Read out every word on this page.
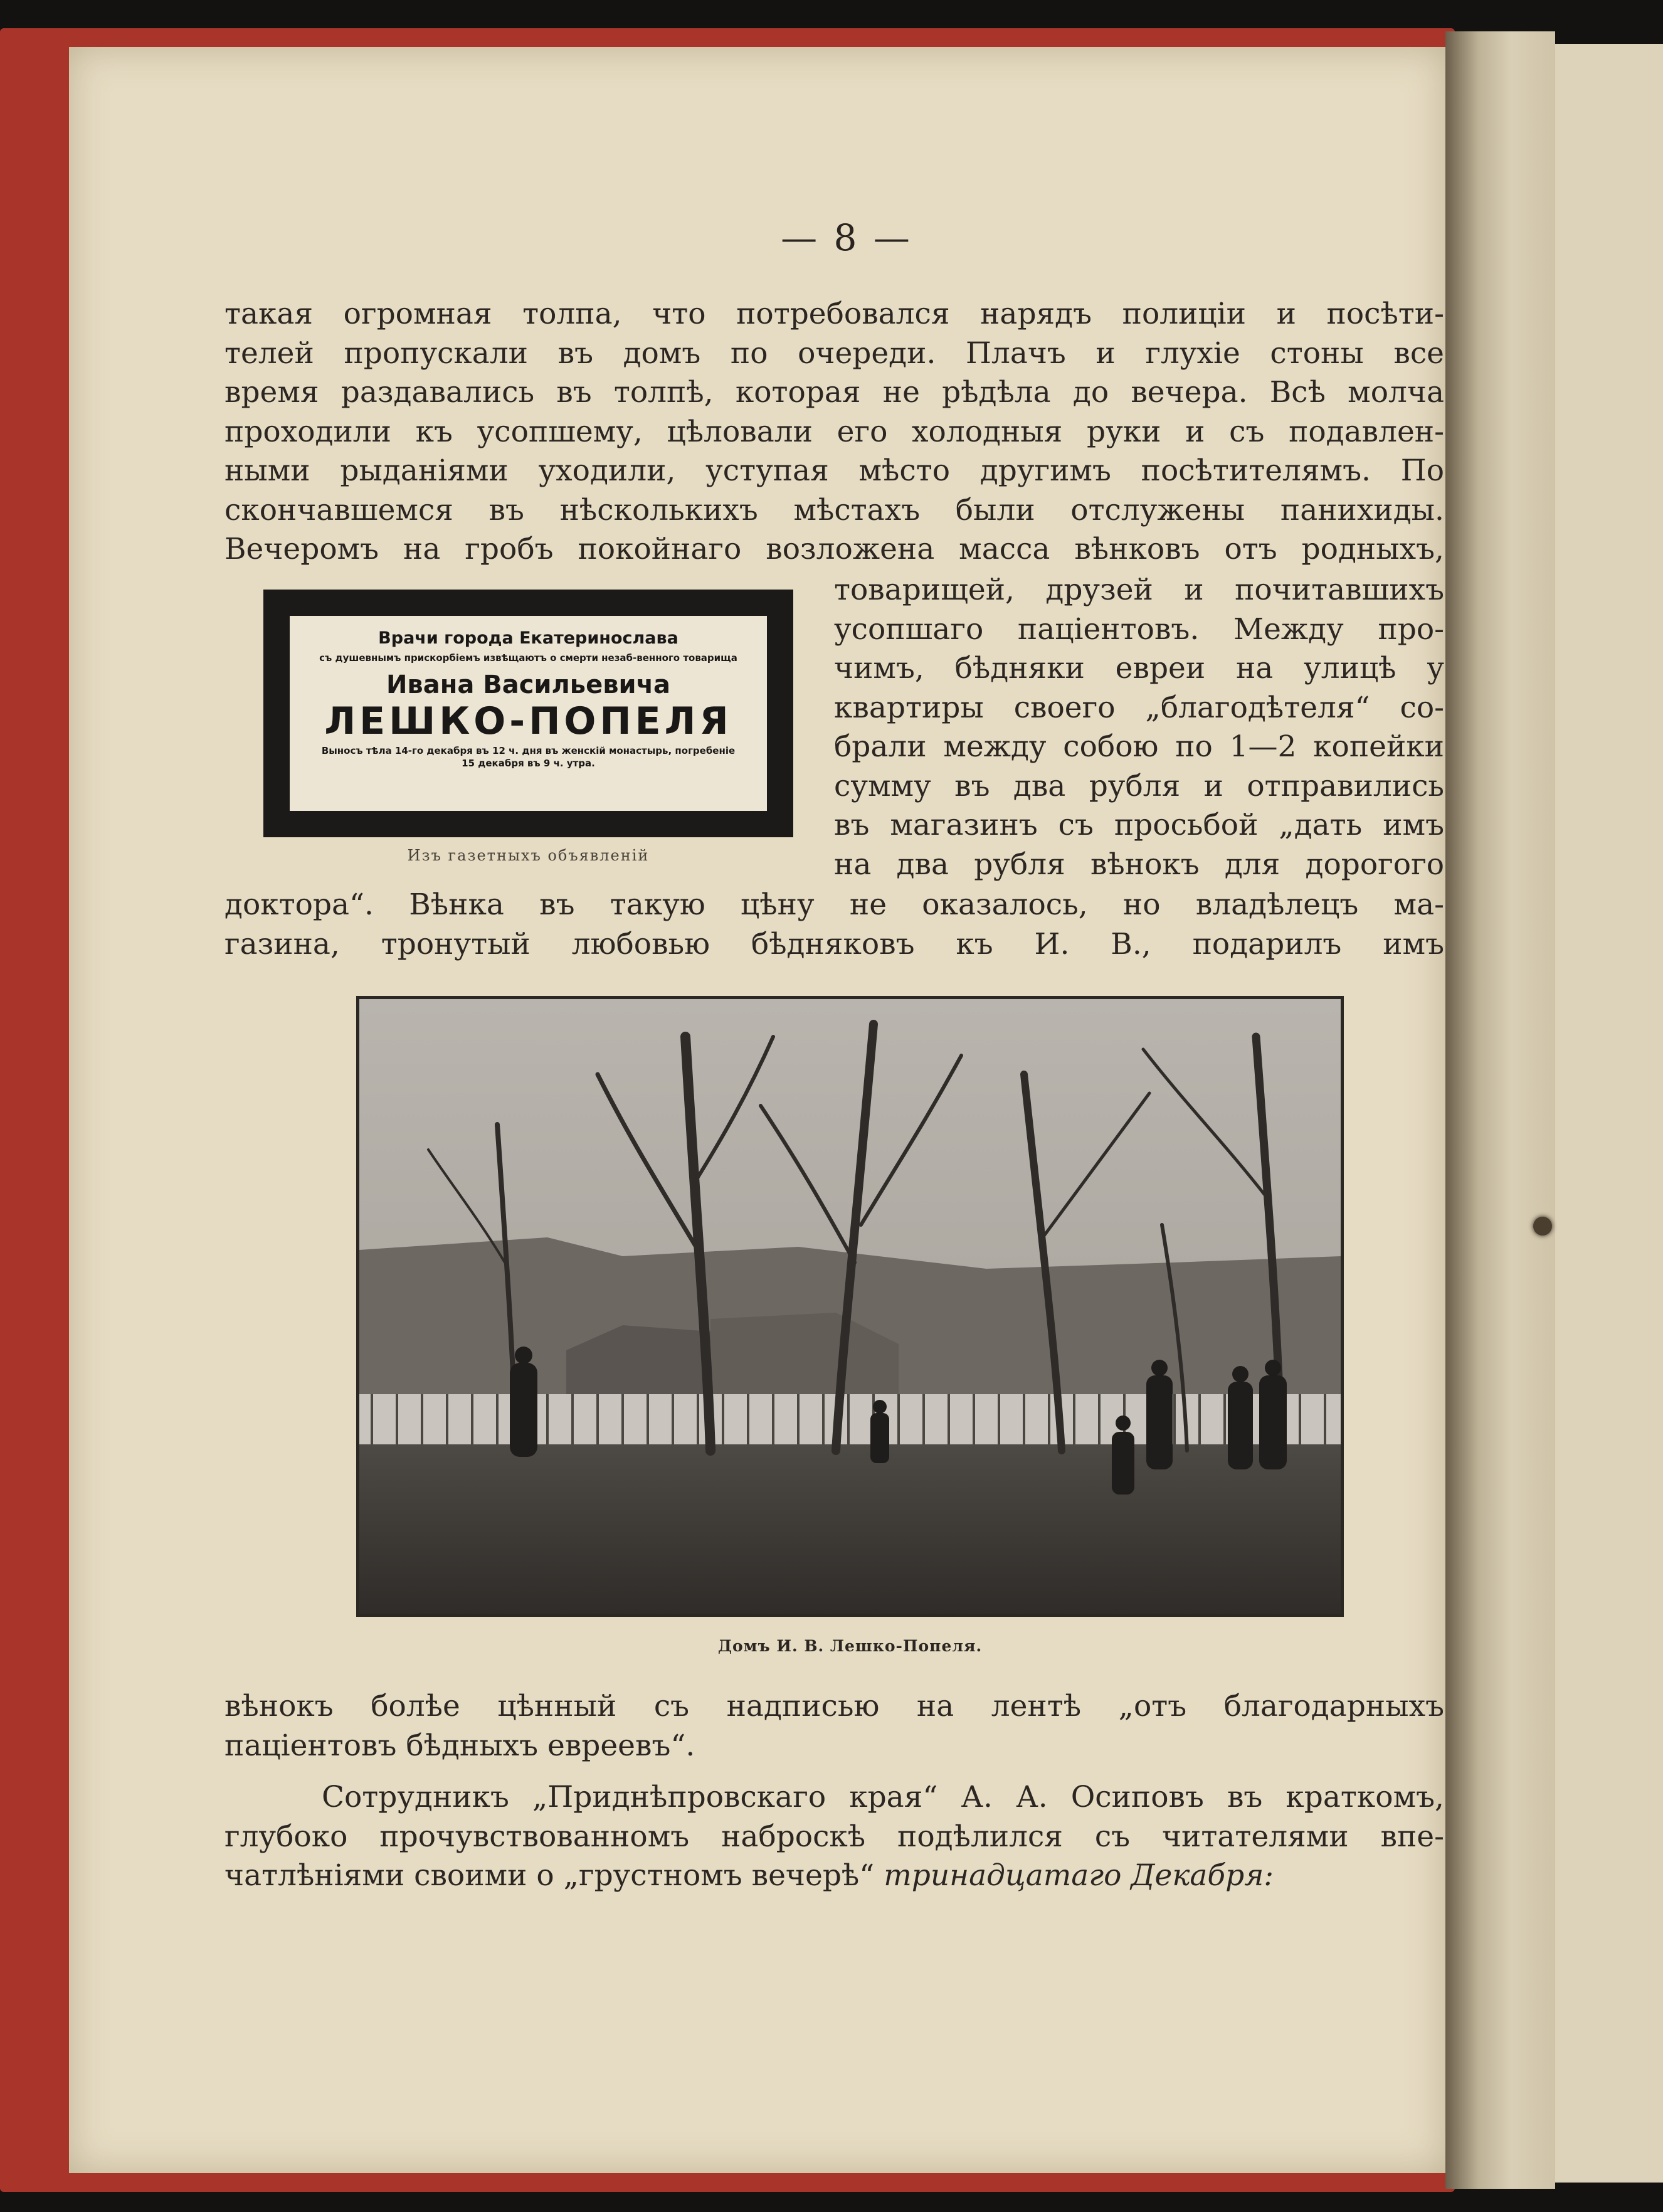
— 8 —

такая огромная толпа, что потребовался нарядъ полиціи и посѣти-
телей пропускали въ домъ по очереди. Плачъ и глухіе стоны все
время раздавались въ толпѣ, которая не рѣдѣла до вечера. Всѣ молча
проходили къ усопшему, цѣловали его холодныя руки и съ подавлен-
ными рыданіями уходили, уступая мѣсто другимъ посѣтителямъ. По
скончавшемся въ нѣсколькихъ мѣстахъ были отслужены панихиды.
Вечеромъ на гробъ покойнаго возложена масса вѣнковъ отъ родныхъ,

Врачи города Екатеринослава
съ душевнымъ прискорбіемъ извѣщаютъ о смерти незаб-венного товарища
Ивана Васильевича
ЛЕШКО-ПОПЕЛЯ
Выносъ тѣла 14-го декабря въ 12 ч. дня въ женскій монастырь, погребеніе 15 декабря въ 9 ч. утра.
Изъ газетныхъ объявленій
товарищей, друзей и почитавшихъ
усопшаго паціентовъ. Между про-
чимъ, бѣдняки евреи на улицѣ у
квартиры своего „благодѣтеля“ со-
брали между собою по 1—2 копейки
сумму въ два рубля и отправились
въ магазинъ съ просьбой „дать имъ
на два рубля вѣнокъ для дорогого

доктора“. Вѣнка въ такую цѣну не оказалось, но владѣлецъ ма-
газина, тронутый любовью бѣдняковъ къ И. В., подарилъ имъ

Домъ И. В. Лешко-Попеля.

вѣнокъ болѣе цѣнный съ надписью на лентѣ „отъ благодарныхъ
паціентовъ бѣдныхъ евреевъ“.

Сотрудникъ „Приднѣпровскаго края“ А. А. Осиповъ въ краткомъ,
глубоко прочувствованномъ наброскѣ подѣлился съ читателями впе-
чатлѣніями своими о „грустномъ вечерѣ“ тринадцатаго Декабря:
